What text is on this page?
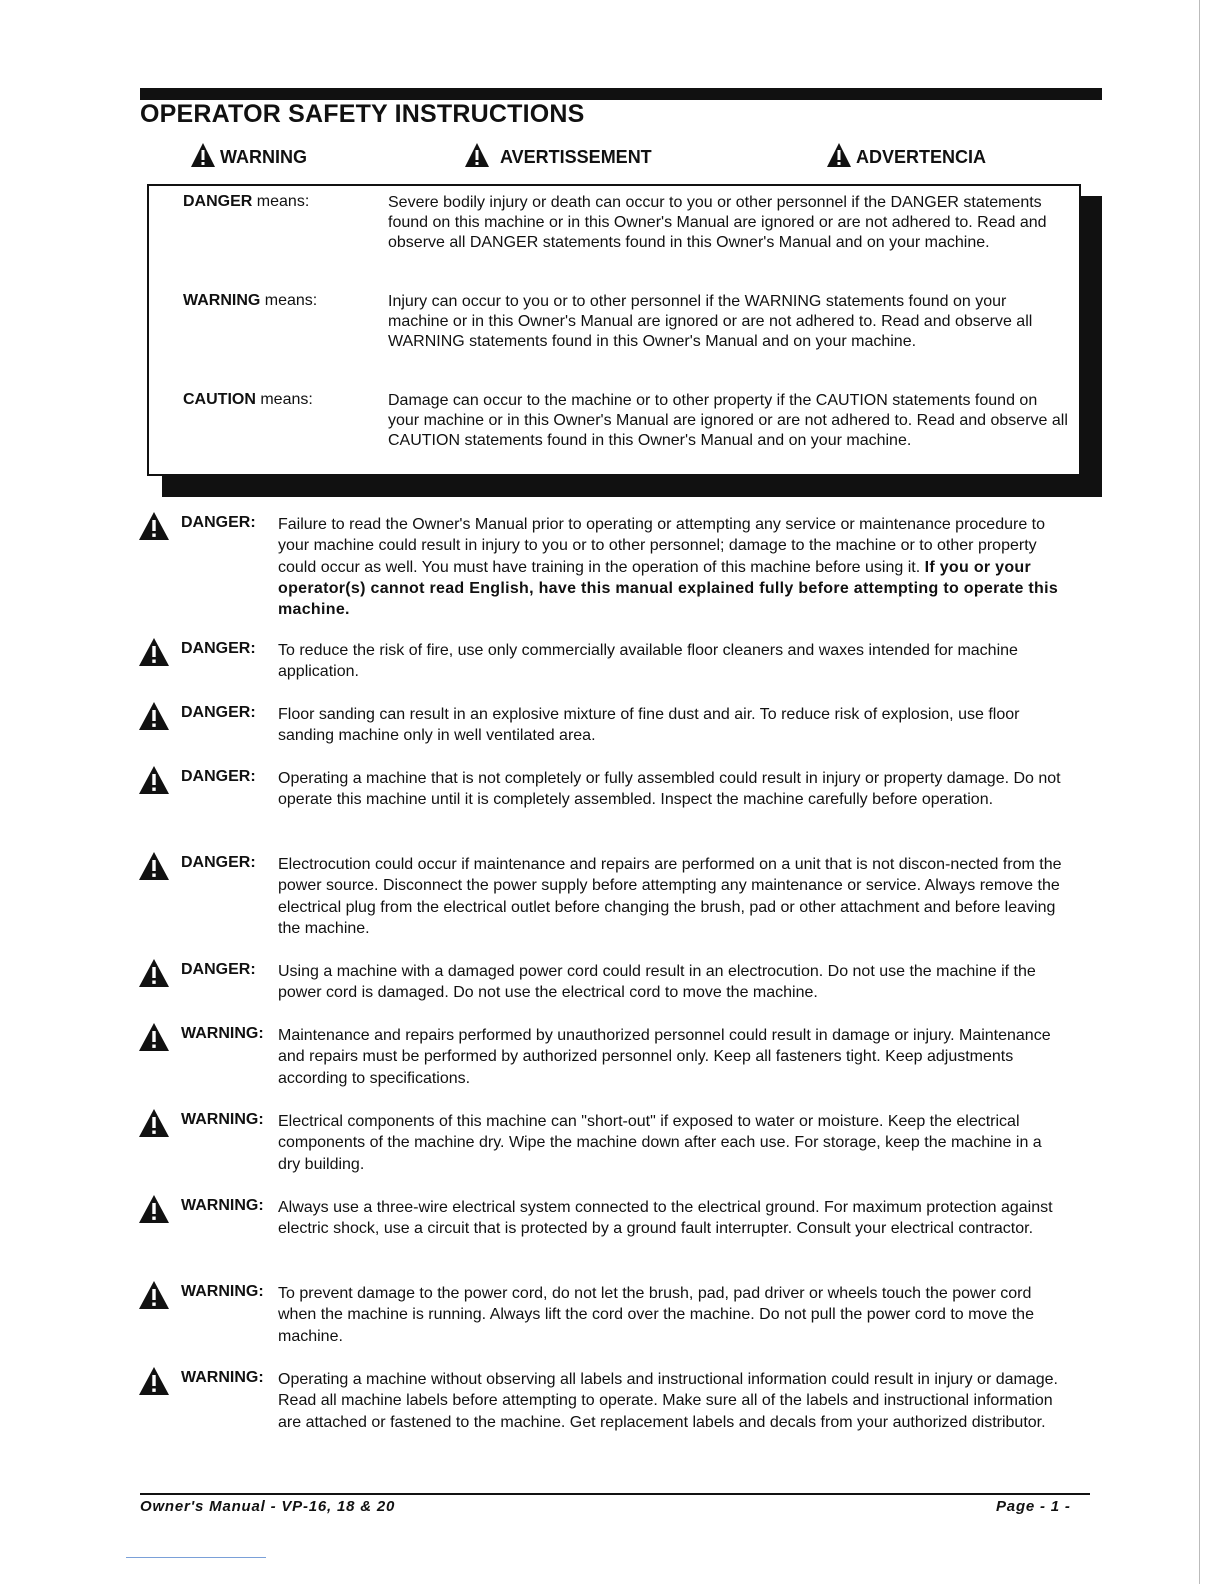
OPERATOR SAFETY INSTRUCTIONS
WARNING	AVERTISSEMENT	ADVERTENCIA
DANGER means:	Severe bodily injury or death can occur to you or other personnel if the DANGER statements found on this machine or in this Owner's Manual are ignored or are not adhered to. Read and observe all DANGER statements found in this Owner's Manual and on your machine.
WARNING means:	Injury can occur to you or to other personnel if the WARNING statements found on your machine or in this Owner's Manual are ignored or are not adhered to. Read and observe all WARNING statements found in this Owner's Manual and on your machine.
CAUTION means:	Damage can occur to the machine or to other property if the CAUTION statements found on your machine or in this Owner's Manual are ignored or are not adhered to. Read and observe all CAUTION statements found in this Owner's Manual and on your machine.
DANGER: Failure to read the Owner's Manual prior to operating or attempting any service or maintenance procedure to your machine could result in injury to you or to other personnel; damage to the machine or to other property could occur as well. You must have training in the operation of this machine before using it. If you or your operator(s) cannot read English, have this manual explained fully before attempting to operate this machine.
DANGER: To reduce the risk of fire, use only commercially available floor cleaners and waxes intended for machine application.
DANGER: Floor sanding can result in an explosive mixture of fine dust and air. To reduce risk of explosion, use floor sanding machine only in well ventilated area.
DANGER: Operating a machine that is not completely or fully assembled could result in injury or property damage. Do not operate this machine until it is completely assembled. Inspect the machine carefully before operation.
DANGER: Electrocution could occur if maintenance and repairs are performed on a unit that is not discon-nected from the power source. Disconnect the power supply before attempting any maintenance or service. Always remove the electrical plug from the electrical outlet before changing the brush, pad or other attachment and before leaving the machine.
DANGER: Using a machine with a damaged power cord could result in an electrocution. Do not use the machine if the power cord is damaged. Do not use the electrical cord to move the machine.
WARNING: Maintenance and repairs performed by unauthorized personnel could result in damage or injury. Maintenance and repairs must be performed by authorized personnel only. Keep all fasteners tight. Keep adjustments according to specifications.
WARNING: Electrical components of this machine can "short-out" if exposed to water or moisture. Keep the electrical components of the machine dry. Wipe the machine down after each use. For storage, keep the machine in a dry building.
WARNING: Always use a three-wire electrical system connected to the electrical ground. For maximum protection against electric shock, use a circuit that is protected by a ground fault interrupter. Consult your electrical contractor.
WARNING: To prevent damage to the power cord, do not let the brush, pad, pad driver or wheels touch the power cord when the machine is running. Always lift the cord over the machine. Do not pull the power cord to move the machine.
WARNING: Operating a machine without observing all labels and instructional information could result in injury or damage. Read all machine labels before attempting to operate. Make sure all of the labels and instructional information are attached or fastened to the machine. Get replacement labels and decals from your authorized distributor.
Owner's Manual - VP-16, 18 & 20	Page - 1 -
